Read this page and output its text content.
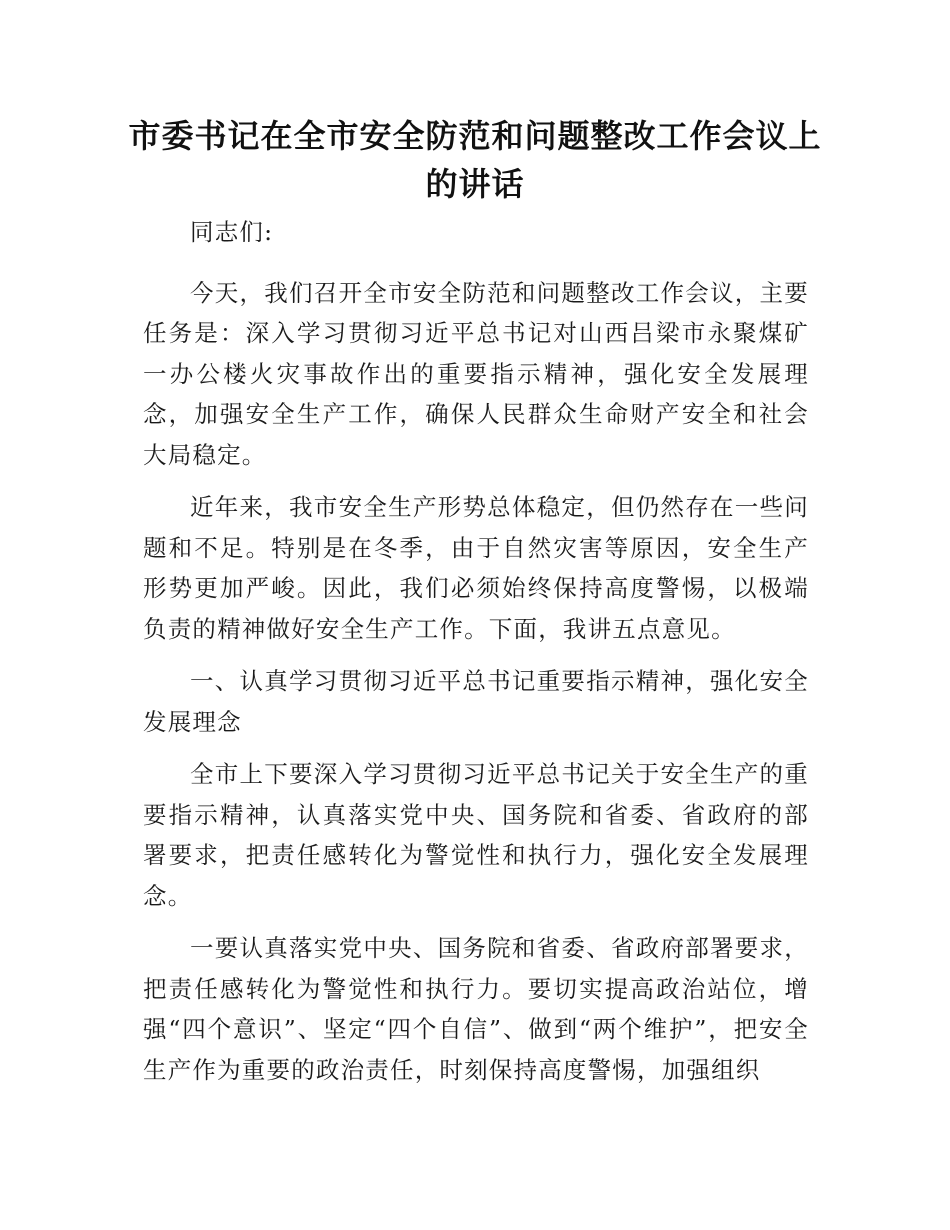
市委书记在全市安全防范和问题整改工作会议上的讲话

同志们:

今天，我们召开全市安全防范和问题整改工作会议，主要任务是：深入学习贯彻习近平总书记对山西吕梁市永聚煤矿一办公楼火灾事故作出的重要指示精神，强化安全发展理念，加强安全生产工作，确保人民群众生命财产安全和社会大局稳定。

近年来，我市安全生产形势总体稳定，但仍然存在一些问题和不足。特别是在冬季，由于自然灾害等原因，安全生产形势更加严峻。因此，我们必须始终保持高度警惕，以极端负责的精神做好安全生产工作。下面，我讲五点意见。

一、认真学习贯彻习近平总书记重要指示精神，强化安全发展理念

全市上下要深入学习贯彻习近平总书记关于安全生产的重要指示精神，认真落实党中央、国务院和省委、省政府的部署要求，把责任感转化为警觉性和执行力，强化安全发展理念。

一要认真落实党中央、国务院和省委、省政府部署要求，把责任感转化为警觉性和执行力。要切实提高政治站位，增强“四个意识”、坚定“四个自信”、做到“两个维护”，把安全生产作为重要的政治责任，时刻保持高度警惕，加强组织
